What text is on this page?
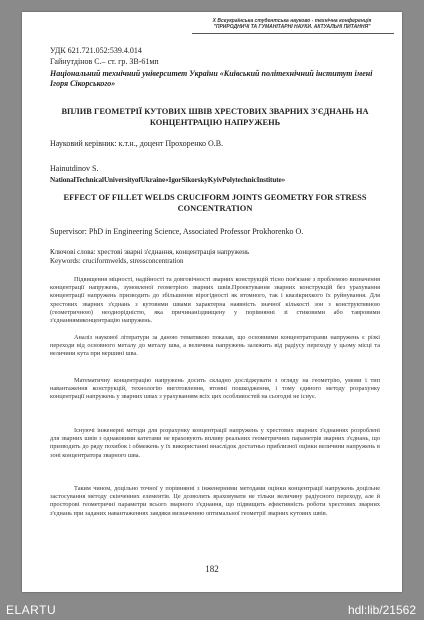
Х Всеукраїнська студентська науково - технічна конференція
"ПРИРОДНИЧІ ТА ГУМАНІТАРНІ НАУКИ. АКТУАЛЬНІ ПИТАННЯ"
УДК 621.721.052:539.4.014
Гайнутдінов С.– ст. гр. ЗВ-61мп
Національний технічний університет України «Київський політехнічний інститут імені Ігоря Сікорського»
ВПЛИВ ГЕОМЕТРІЇ КУТОВИХ ШВІВ ХРЕСТОВИХ ЗВАРНИХ З'ЄДНАНЬ НА КОНЦЕНТРАЦІЮ НАПРУЖЕНЬ
Науковий керівник: к.т.н., доцент Прохоренко О.В.
Hainutdinov S.
NationalTechnicalUniversityofUkraine«IgorSikorskyKyivPolytechnicInstitute»
EFFECT OF FILLET WELDS CRUCIFORM JOINTS GEOMETRY FOR STRESS CONCENTRATION
Supervisor: PhD in Engineering Science, Associated Professor Prokhorenko O.
Ключові слова: хрестові зварні з'єднання, концентрація напружень
Keywords: cruciformwelds, stressconcentration

Підвищення міцності, надійності та довговічності зварних конструкцій тісно пов'язане з проблемою визначення концентрації напружень, зумовленої геометрією зварних швів.Проектування зварних конструкцій без урахування концентрації напружень призводить до збільшення вірогідності як втомного, так і квазікрихкого їх руйнування. Для хрестових зварних з'єднань з кутовими швами характерна наявність значної кількості зон з конструктивною (геометричною) неоднорідністю, яка причинаніздвищену у порівнянні зі стиковими або тавровими з'єднаннямиконцентрацію напружень.

Аналіз наукової літератури за даною тематикою показав, що основними концентраторами напружень є різкі переходи від основного металу до металу шва, а величина напружень залежить від радіусу переходу у цьому місці та величини кута при вершині шва.

Математичну концентрацію напружень досить складно досліджувати з огляду на геометрію, умови і тип навантаження конструкцій, технологію виготовлення, втомні пошкодження, і тому єдиного методу розрахунку концентрації напружень у зварних швах з урахуванням всіх цих особливостей на сьогодні не існує.

Існуючі інженерні методи для розрахунку концентрації напружень у хрестових зварних з'єднаннях розроблені для зварних швів з однаковими катетами не враховують впливу реальних геометричних параметрів зварних з'єднань, що призводить до ряду похибок і обмежень у їх використанні внаслідок достатньо приблизної оцінки величини напружень в зоні концентратора зварного шва.

Таким чином, доцільно точної у порівнянні з інженерними методами оцінки концентрації напружень доцільне застосування методу скінченних елементів. Це дозволить враховувати не тільки величину радіусного переходу, але й просторові геометричні параметри всього зварного з'єднання, що підвищить ефективність роботи хрестових зварних з'єднань при заданих навантаженнях завдяки визначенню оптимальної геометрії зварних кутових швів.

182
ELARTU	hdl:lib/21562
